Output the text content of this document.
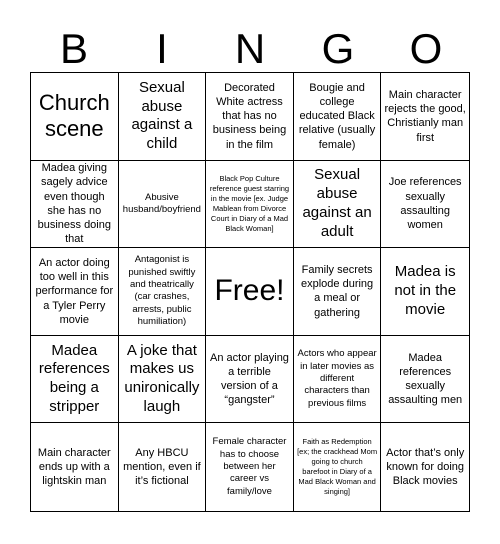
B	I	N	G	O
Church scene
Sexual abuse against a child
Decorated White actress that has no business being in the film
Bougie and college educated Black relative (usually female)
Main character rejects the good, Christianly man first
Madea giving sagely advice even though she has no business doing that
Abusive husband/boyfriend
Black Pop Culture reference guest starring in the movie [ex. Judge Mablean from Divorce Court in Diary of a Mad Black Woman]
Sexual abuse against an adult
Joe references sexually assaulting women
An actor doing too well in this performance for a Tyler Perry movie
Antagonist is punished swiftly and theatrically (car crashes, arrests, public humiliation)
Free!
Family secrets explode during a meal or gathering
Madea is not in the movie
Madea references being a stripper
A joke that makes us unironically laugh
An actor playing a terrible version of a “gangster”
Actors who appear in later movies as different characters than previous films
Madea references sexually assaulting men
Main character ends up with a lightskin man
Any HBCU mention, even if it’s fictional
Female character has to choose between her career vs family/love
Faith as Redemption [ex; the crackhead Mom going to church barefoot in Diary of a Mad Black Woman and singing]
Actor that’s only known for doing Black movies
